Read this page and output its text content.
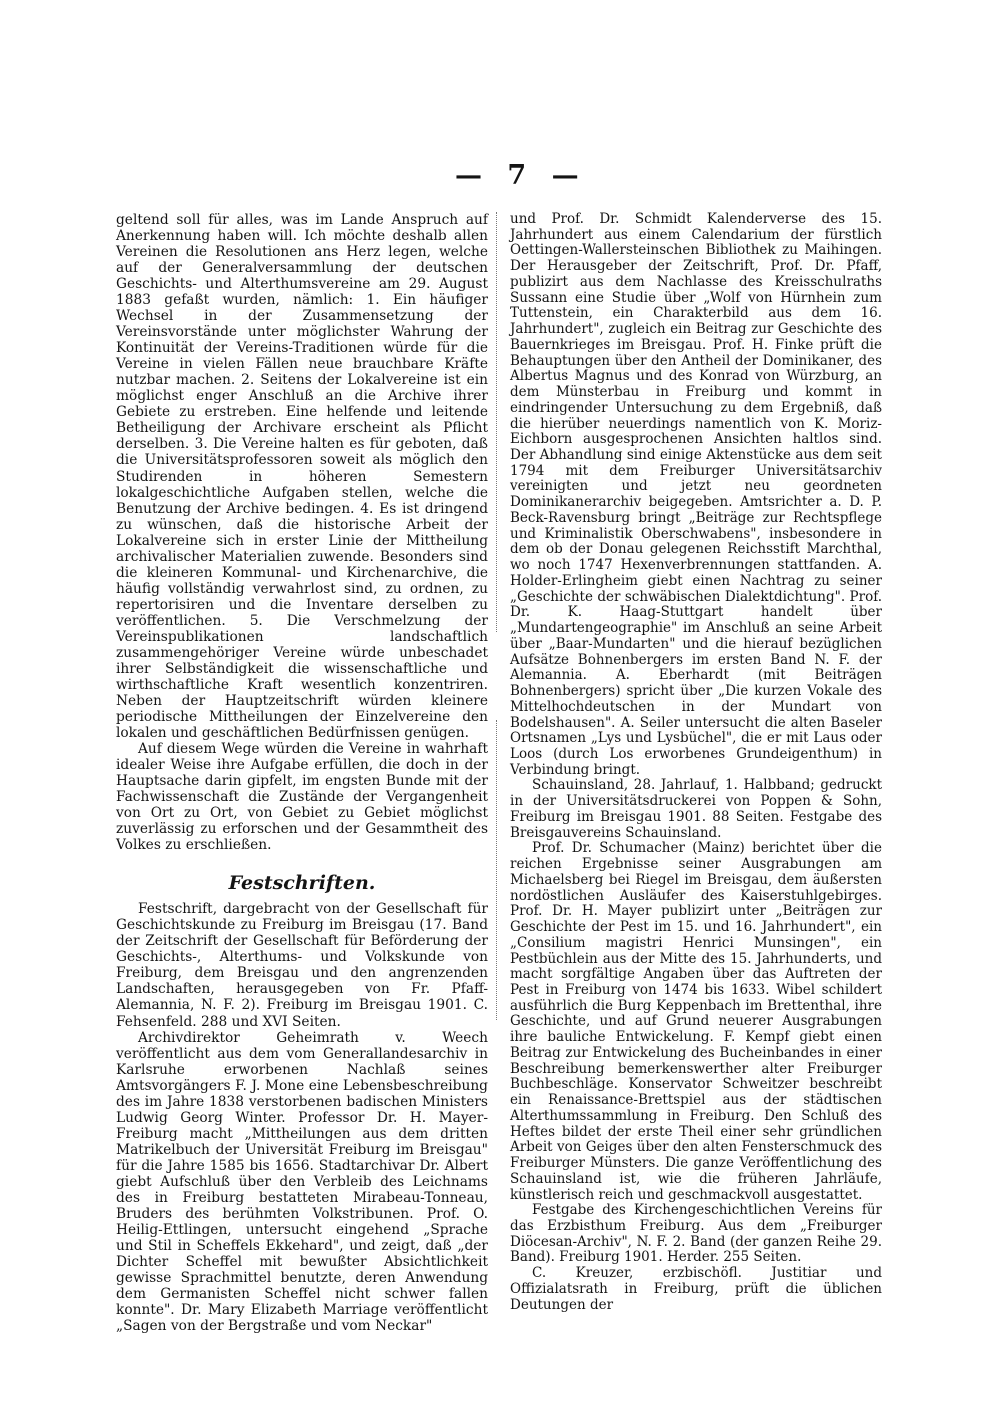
— 7 —

geltend soll für alles, was im Lande Anspruch auf Anerkennung haben will. Ich möchte deshalb allen Vereinen die Resolutionen ans Herz legen, welche auf der Generalversammlung der deutschen Geschichts- und Alterthumsvereine am 29. August 1883 gefaßt wurden, nämlich: 1. Ein häufiger Wechsel in der Zusammensetzung der Vereinsvorstände unter möglichster Wahrung der Kontinuität der Vereins-Traditionen würde für die Vereine in vielen Fällen neue brauchbare Kräfte nutzbar machen. 2. Seitens der Lokalvereine ist ein möglichst enger Anschluß an die Archive ihrer Gebiete zu erstreben. Eine helfende und leitende Betheiligung der Archivare erscheint als Pflicht derselben. 3. Die Vereine halten es für geboten, daß die Universitätsprofessoren soweit als möglich den Studirenden in höheren Semestern lokalgeschichtliche Aufgaben stellen, welche die Benutzung der Archive bedingen. 4. Es ist dringend zu wünschen, daß die historische Arbeit der Lokalvereine sich in erster Linie der Mittheilung archivalischer Materialien zuwende. Besonders sind die kleineren Kommunal- und Kirchenarchive, die häufig vollständig verwahrlost sind, zu ordnen, zu repertorisiren und die Inventare derselben zu veröffentlichen. 5. Die Verschmelzung der Vereinspublikationen landschaftlich zusammengehöriger Vereine würde unbeschadet ihrer Selbständigkeit die wissenschaftliche und wirthschaftliche Kraft wesentlich konzentriren. Neben der Hauptzeitschrift würden kleinere periodische Mittheilungen der Einzelvereine den lokalen und geschäftlichen Bedürfnissen genügen.

Auf diesem Wege würden die Vereine in wahrhaft idealer Weise ihre Aufgabe erfüllen, die doch in der Hauptsache darin gipfelt, im engsten Bunde mit der Fachwissenschaft die Zustände der Vergangenheit von Ort zu Ort, von Gebiet zu Gebiet möglichst zuverlässig zu erforschen und der Gesammtheit des Volkes zu erschließen.

Festschriften.

Festschrift, dargebracht von der Gesellschaft für Geschichtskunde zu Freiburg im Breisgau (17. Band der Zeitschrift der Gesellschaft für Beförderung der Geschichts-, Alterthums- und Volkskunde von Freiburg, dem Breisgau und den angrenzenden Landschaften, herausgegeben von Fr. Pfaff-Alemannia, N. F. 2). Freiburg im Breisgau 1901. C. Fehsenfeld. 288 und XVI Seiten.

Archivdirektor Geheimrath v. Weech veröffentlicht aus dem vom Generallandesarchiv in Karlsruhe erworbenen Nachlaß seines Amtsvorgängers F. J. Mone eine Lebensbeschreibung des im Jahre 1838 verstorbenen badischen Ministers Ludwig Georg Winter. Professor Dr. H. Mayer-Freiburg macht „Mittheilungen aus dem dritten Matrikelbuch der Universität Freiburg im Breisgau" für die Jahre 1585 bis 1656. Stadtarchivar Dr. Albert giebt Aufschluß über den Verbleib des Leichnams des in Freiburg bestatteten Mirabeau-Tonneau, Bruders des berühmten Volkstribunen. Prof. O. Heilig-Ettlingen, untersucht eingehend „Sprache und Stil in Scheffels Ekkehard", und zeigt, daß „der Dichter Scheffel mit bewußter Absichtlichkeit gewisse Sprachmittel benutzte, deren Anwendung dem Germanisten Scheffel nicht schwer fallen konnte". Dr. Mary Elizabeth Marriage veröffentlicht „Sagen von der Bergstraße und vom Neckar"

und Prof. Dr. Schmidt Kalenderverse des 15. Jahrhundert aus einem Calendarium der fürstlich Oettingen-Wallersteinschen Bibliothek zu Maihingen. Der Herausgeber der Zeitschrift, Prof. Dr. Pfaff, publizirt aus dem Nachlasse des Kreisschulraths Sussann eine Studie über „Wolf von Hürnhein zum Tuttenstein, ein Charakterbild aus dem 16. Jahrhundert", zugleich ein Beitrag zur Geschichte des Bauernkrieges im Breisgau. Prof. H. Finke prüft die Behauptungen über den Antheil der Dominikaner, des Albertus Magnus und des Konrad von Würzburg, an dem Münsterbau in Freiburg und kommt in eindringender Untersuchung zu dem Ergebniß, daß die hierüber neuerdings namentlich von K. Moriz-Eichborn ausgesprochenen Ansichten haltlos sind. Der Abhandlung sind einige Aktenstücke aus dem seit 1794 mit dem Freiburger Universitätsarchiv vereinigten und jetzt neu geordneten Dominikanerarchiv beigegeben. Amtsrichter a. D. P. Beck-Ravensburg bringt „Beiträge zur Rechtspflege und Kriminalistik Oberschwabens", insbesondere in dem ob der Donau gelegenen Reichsstift Marchthal, wo noch 1747 Hexenverbrennungen stattfanden. A. Holder-Erlingheim giebt einen Nachtrag zu seiner „Geschichte der schwäbischen Dialektdichtung". Prof. Dr. K. Haag-Stuttgart handelt über „Mundartengeographie" im Anschluß an seine Arbeit über „Baar-Mundarten" und die hierauf bezüglichen Aufsätze Bohnenbergers im ersten Band N. F. der Alemannia. A. Eberhardt (mit Beiträgen Bohnenbergers) spricht über „Die kurzen Vokale des Mittelhochdeutschen in der Mundart von Bodelshausen". A. Seiler untersucht die alten Baseler Ortsnamen „Lys und Lysbüchel", die er mit Laus oder Loos (durch Los erworbenes Grundeigenthum) in Verbindung bringt.

Schauinsland, 28. Jahrlauf, 1. Halbband; gedruckt in der Universitätsdruckerei von Poppen & Sohn, Freiburg im Breisgau 1901. 88 Seiten. Festgabe des Breisgauvereins Schauinsland.

Prof. Dr. Schumacher (Mainz) berichtet über die reichen Ergebnisse seiner Ausgrabungen am Michaelsberg bei Riegel im Breisgau, dem äußersten nordöstlichen Ausläufer des Kaiserstuhlgebirges. Prof. Dr. H. Mayer publizirt unter „Beiträgen zur Geschichte der Pest im 15. und 16. Jahrhundert", ein „Consilium magistri Henrici Munsingen", ein Pestbüchlein aus der Mitte des 15. Jahrhunderts, und macht sorgfältige Angaben über das Auftreten der Pest in Freiburg von 1474 bis 1633. Wibel schildert ausführlich die Burg Keppenbach im Brettenthal, ihre Geschichte, und auf Grund neuerer Ausgrabungen ihre bauliche Entwickelung. F. Kempf giebt einen Beitrag zur Entwickelung des Bucheinbandes in einer Beschreibung bemerkenswerther alter Freiburger Buchbeschläge. Konservator Schweitzer beschreibt ein Renaissance-Brettspiel aus der städtischen Alterthumssammlung in Freiburg. Den Schluß des Heftes bildet der erste Theil einer sehr gründlichen Arbeit von Geiges über den alten Fensterschmuck des Freiburger Münsters. Die ganze Veröffentlichung des Schauinsland ist, wie die früheren Jahrläufe, künstlerisch reich und geschmackvoll ausgestattet.

Festgabe des Kirchengeschichtlichen Vereins für das Erzbisthum Freiburg. Aus dem „Freiburger Diöcesan-Archiv", N. F. 2. Band (der ganzen Reihe 29. Band). Freiburg 1901. Herder. 255 Seiten.

C. Kreuzer, erzbischöfl. Justitiar und Offizialatsrath in Freiburg, prüft die üblichen Deutungen der
